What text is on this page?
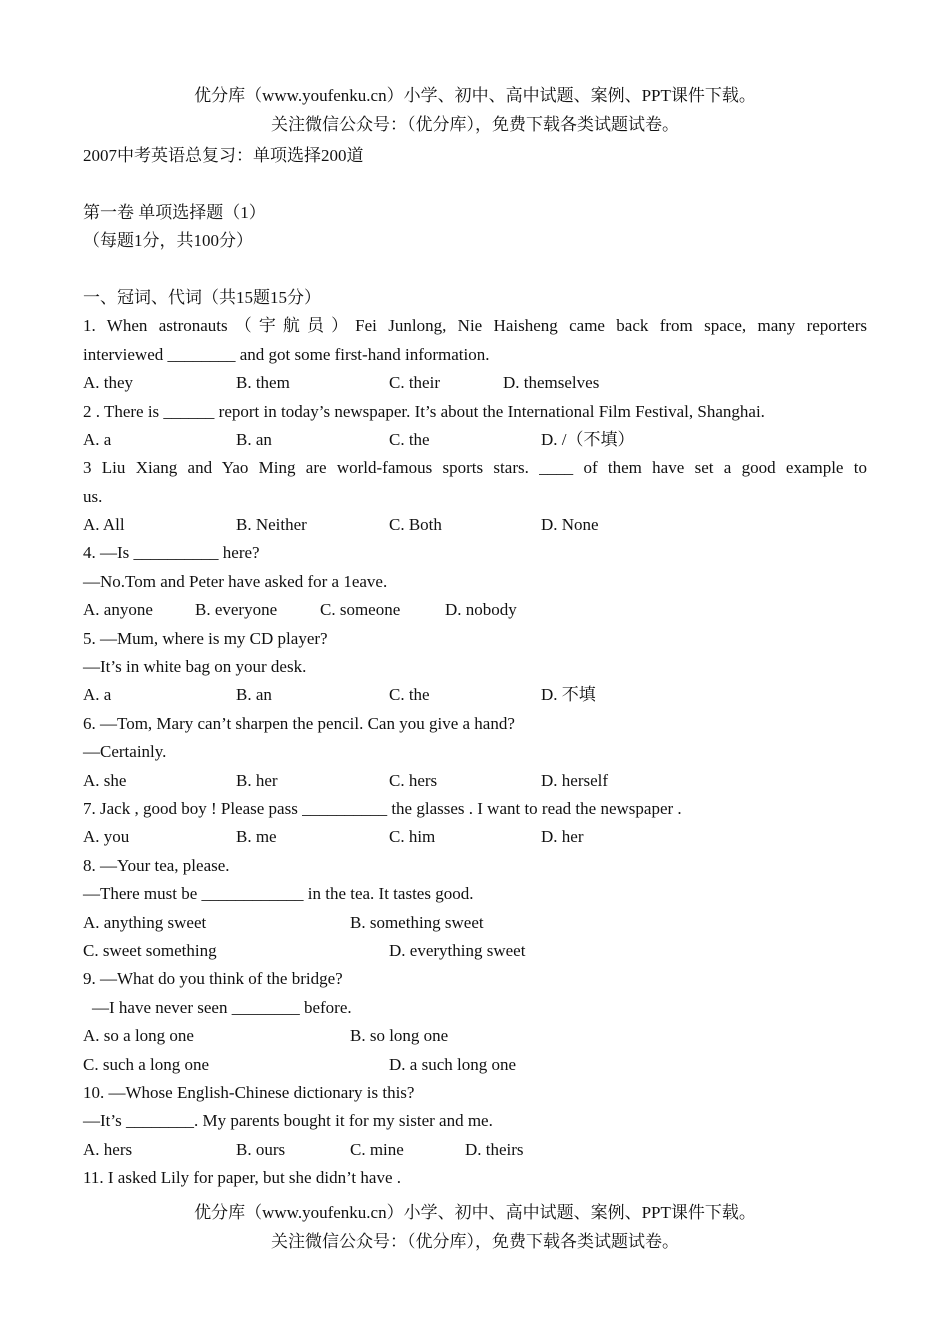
优分库（www.youfenku.cn）小学、初中、高中试题、案例、PPT课件下载。
关注微信公众号：（优分库），免费下载各类试题试卷。
2007中考英语总复习：单项选择200道
第一卷 单项选择题（1）
（每题1分，共100分）
一、冠词、代词（共15题15分）
1. When astronauts（宇航员）Fei Junlong, Nie Haisheng came back from space, many reporters
interviewed ________ and got some first-hand information.
A. they	B. them	C. their	D. themselves
2 . There is ______ report in today’s newspaper. It’s about the International Film Festival, Shanghai.
A. a	B. an	C. the	D. /（不填）
3 Liu Xiang and Yao Ming are world-famous sports stars. ____ of them have set a good example to
us.
A. All	B. Neither	C. Both	D. None
4. —Is __________ here?
—No.Tom and Peter have asked for a 1eave.
A. anyone B. everyone	C. someone	D. nobody
5. —Mum, where is my CD player?
—It’s in white bag on your desk.
A. a	B. an	C. the	D. 不填
6. —Tom, Mary can’t sharpen the pencil. Can you give a hand?
—Certainly.
A. she	B. her	C. hers	D. herself
7. Jack , good boy ! Please pass __________ the glasses . I want to read the newspaper .
A. you	B. me	C. him	D. her
8. —Your tea, please.
—There must be ____________ in the tea. It tastes good.
A. anything sweet	B. something sweet
C. sweet something	D. everything sweet
9. —What do you think of the bridge?
—I have never seen ________ before.
A. so a long one	B. so long one
C. such a long one	D. a such long one
10. —Whose English-Chinese dictionary is this?
—It’s ________. My parents bought it for my sister and me.
A. hers	B. ours	C. mine	D. theirs
11. I asked Lily for paper, but she didn’t have .
优分库（www.youfenku.cn）小学、初中、高中试题、案例、PPT课件下载。
关注微信公众号：（优分库），免费下载各类试题试卷。
